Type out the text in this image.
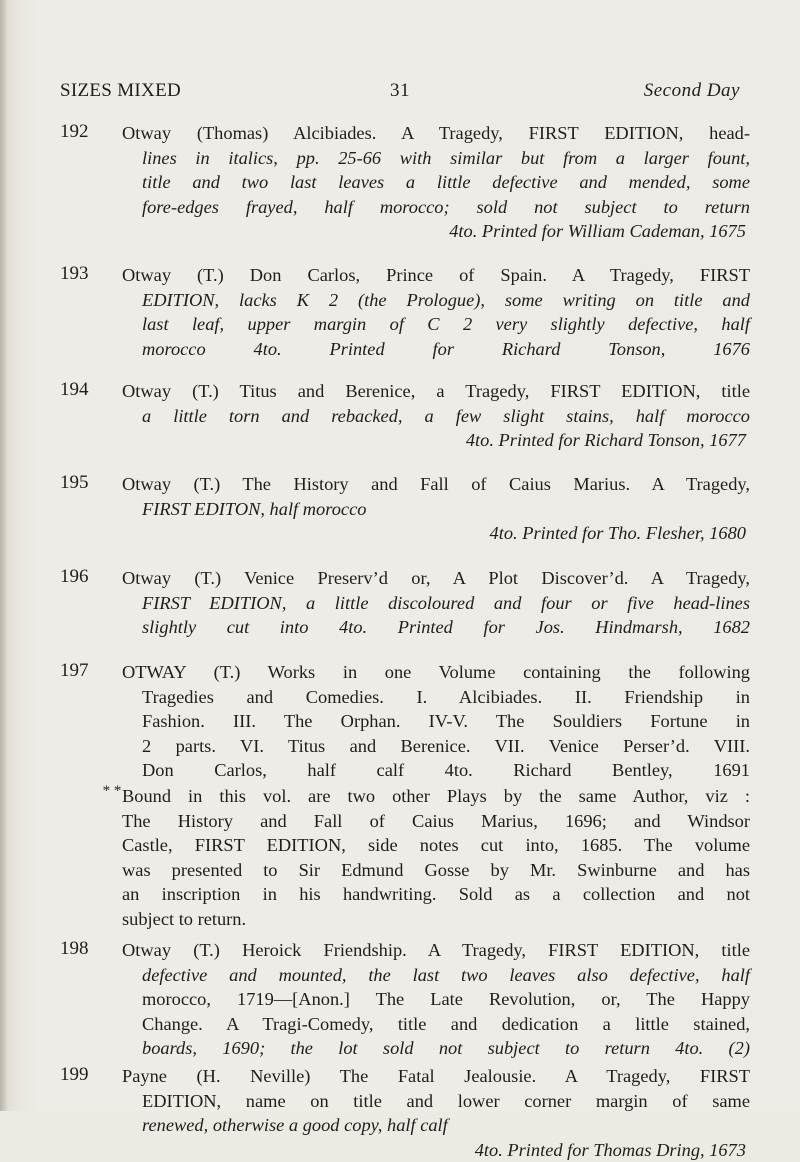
SIZES MIXED	31	Second Day
192	Otway (Thomas) Alcibiades. A Tragedy, FIRST EDITION, head-
lines in italics, pp. 25-66 with similar but from a larger fount,
title and two last leaves a little defective and mended, some
fore-edges frayed, half morocco; sold not subject to return
4to. Printed for William Cademan, 1675
193	Otway (T.) Don Carlos, Prince of Spain. A Tragedy, FIRST
EDITION, lacks K 2 (the Prologue), some writing on title and
last leaf, upper margin of C 2 very slightly defective, half
morocco 4to. Printed for Richard Tonson, 1676
194	Otway (T.) Titus and Berenice, a Tragedy, FIRST EDITION, title
a little torn and rebacked, a few slight stains, half morocco
4to. Printed for Richard Tonson, 1677
195	Otway (T.) The History and Fall of Caius Marius. A Tragedy,
FIRST EDITON, half morocco
4to. Printed for Tho. Flesher, 1680
196	Otway (T.) Venice Preserv’d or, A Plot Discover’d. A Tragedy,
FIRST EDITION, a little discoloured and four or five head-lines
slightly cut into 4to. Printed for Jos. Hindmarsh, 1682
197	OTWAY (T.) Works in one Volume containing the following
Tragedies and Comedies. I. Alcibiades. II. Friendship in
Fashion. III. The Orphan. IV-V. The Souldiers Fortune in
2 parts. VI. Titus and Berenice. VII. Venice Perser’d. VIII.
Don Carlos, half calf 4to. Richard Bentley, 1691
* * Bound in this vol. are two other Plays by the same Author, viz :
The History and Fall of Caius Marius, 1696; and Windsor
Castle, FIRST EDITION, side notes cut into, 1685. The volume
was presented to Sir Edmund Gosse by Mr. Swinburne and has
an inscription in his handwriting. Sold as a collection and not
subject to return.
198	Otway (T.) Heroick Friendship. A Tragedy, FIRST EDITION, title
defective and mounted, the last two leaves also defective, half
morocco, 1719—[Anon.] The Late Revolution, or, The Happy
Change. A Tragi-Comedy, title and dedication a little stained,
boards, 1690; the lot sold not subject to return 4to. (2)
199	Payne (H. Neville) The Fatal Jealousie. A Tragedy, FIRST
EDITION, name on title and lower corner margin of same
renewed, otherwise a good copy, half calf
4to. Printed for Thomas Dring, 1673
